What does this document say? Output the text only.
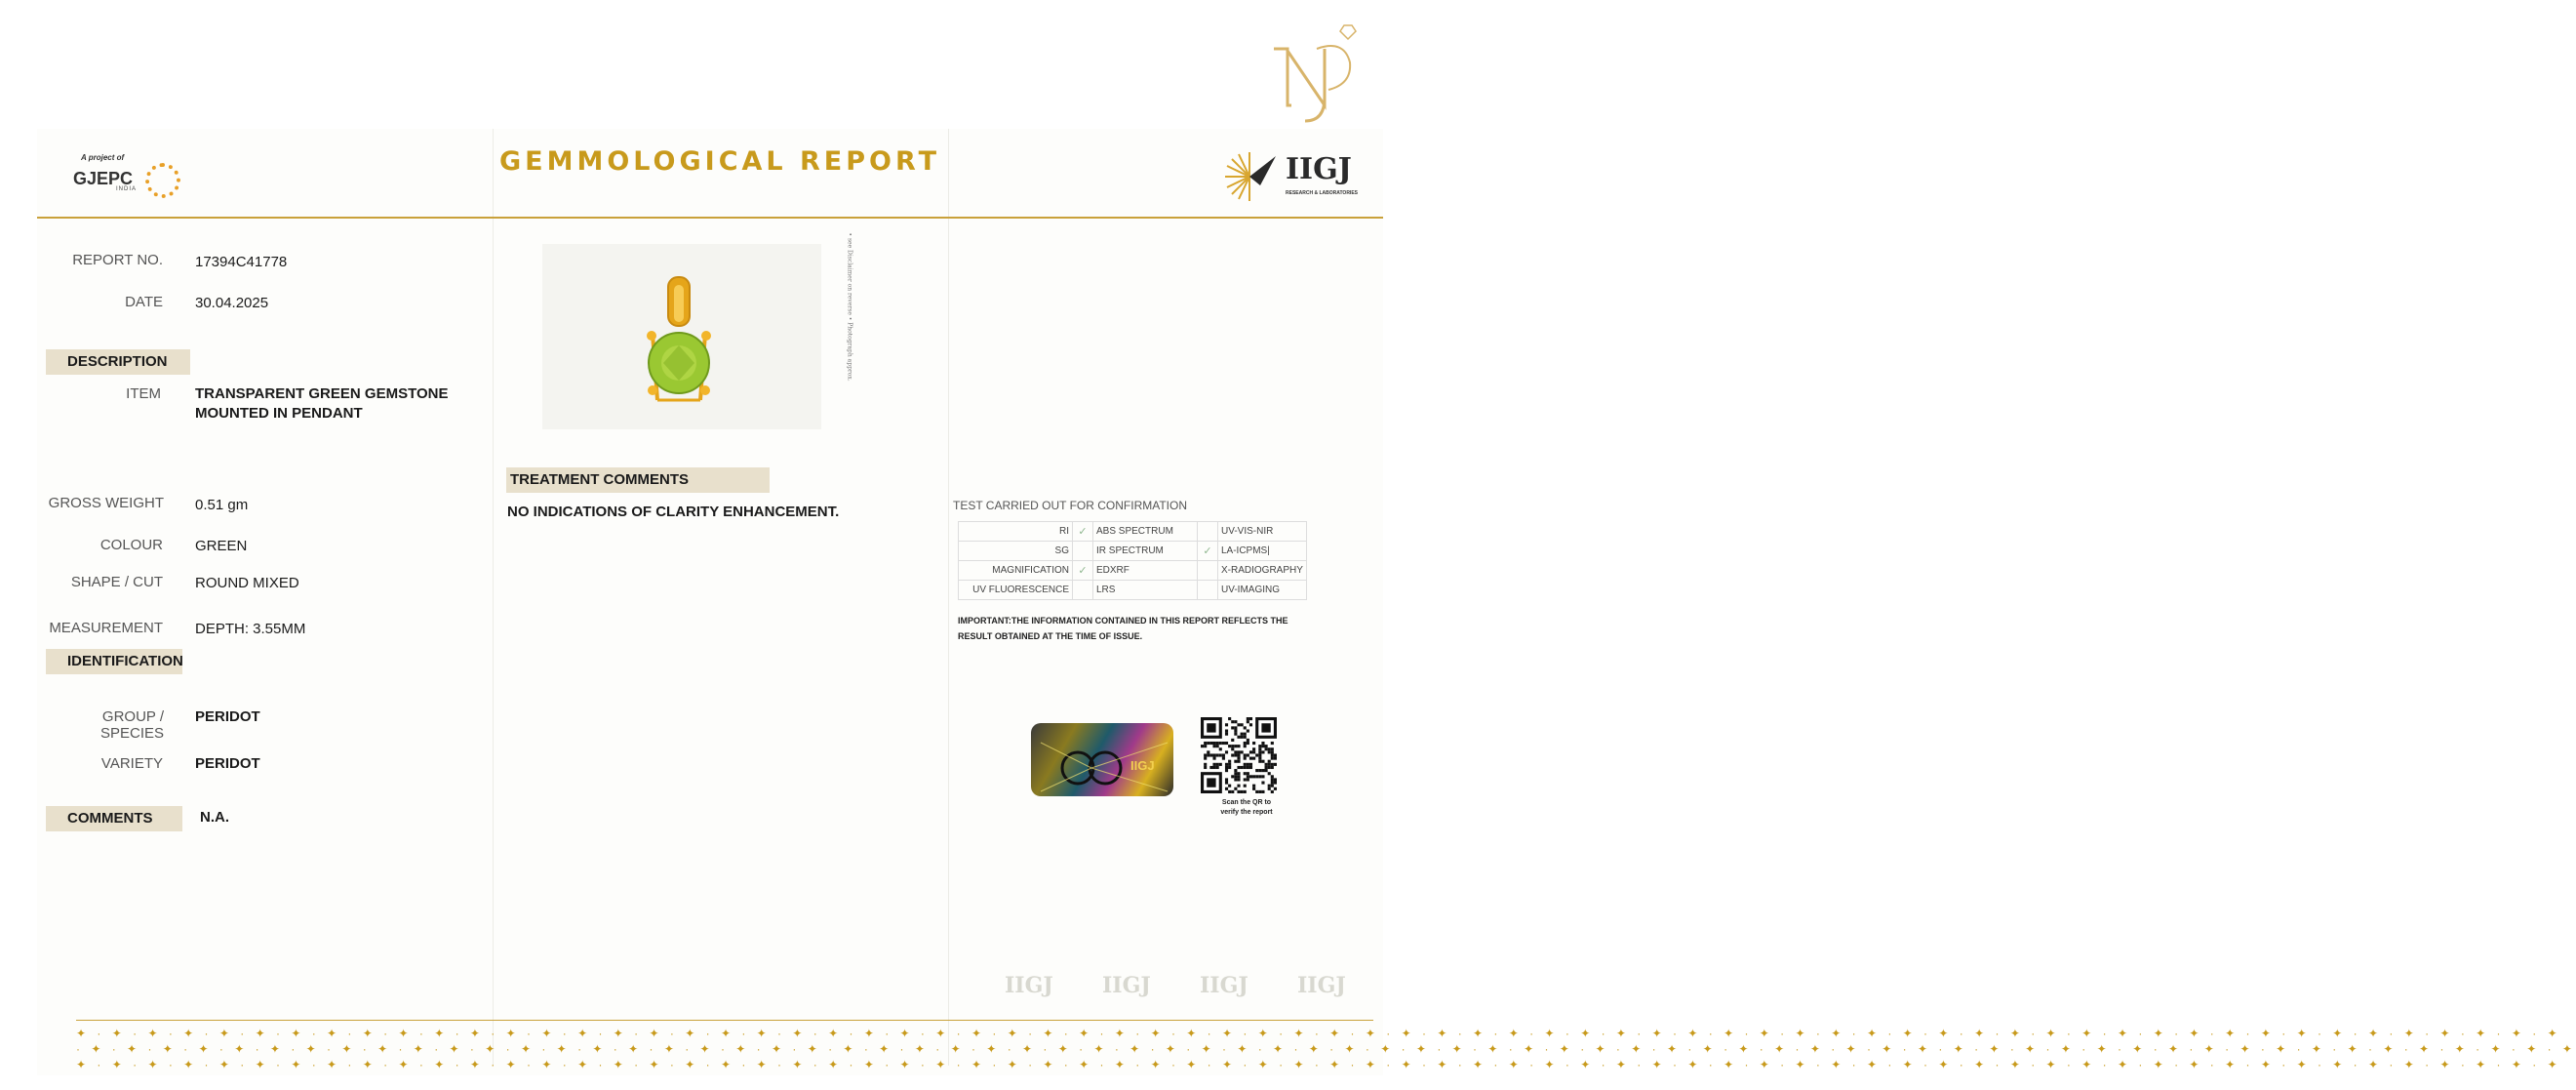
A project of
GJEPC
INDIA
GEMMOLOGICAL REPORT	IIGJ
RESEARCH & LABORATORIES
REPORT NO. 17394C41778
DATE 30.04.2025
DESCRIPTION
ITEM TRANSPARENT GREEN GEMSTONE
MOUNTED IN PENDANT
GROSS WEIGHT 0.51 gm
COLOUR GREEN
SHAPE / CUT ROUND MIXED
MEASUREMENT DEPTH: 3.55MM
IDENTIFICATION
GROUP / SPECIES
PERIDOT
VARIETY PERIDOT
COMMENTS	N.A.
• see Disclaimer on reverse • Photograph approx.
TREATMENT COMMENTS
NO INDICATIONS OF CLARITY ENHANCEMENT.	TEST CARRIED OUT FOR CONFIRMATION
RI	✓	ABS SPECTRUM		UV-VIS-NIR
SG		IR SPECTRUM	✓	LA-ICPMS|
MAGNIFICATION	✓	EDXRF		X-RADIOGRAPHY
UV FLUORESCENCE		LRS		UV-IMAGING
IMPORTANT:THE INFORMATION CONTAINED IN THIS REPORT REFLECTS THE
RESULT OBTAINED AT THE TIME OF ISSUE.
IIGJ
Scan the QR to
verify the report
IIGJ IIGJ IIGJ IIGJ
✦ · ✦ · ✦ · ✦ · ✦ · ✦ · ✦ · ✦ · ✦ · ✦ · ✦ · ✦ · ✦ · ✦ · ✦ · ✦ · ✦ · ✦ · ✦ · ✦ · ✦ · ✦ · ✦ · ✦ · ✦ · ✦ · ✦ · ✦ · ✦ · ✦ · ✦ · ✦ · ✦ · ✦ · ✦ · ✦ · ✦ · ✦ · ✦ · ✦ · ✦ · ✦ · ✦ · ✦ · ✦ · ✦ · ✦ · ✦ · ✦ · ✦ · ✦ · ✦ · ✦ · ✦ · ✦ · ✦ · ✦ · ✦ · ✦ · ✦ · ✦ · ✦ · ✦ · ✦ · ✦ · ✦ · ✦ · ✦ · ✦ · ✦
· ✦ · ✦ · ✦ · ✦ · ✦ · ✦ · ✦ · ✦ · ✦ · ✦ · ✦ · ✦ · ✦ · ✦ · ✦ · ✦ · ✦ · ✦ · ✦ · ✦ · ✦ · ✦ · ✦ · ✦ · ✦ · ✦ · ✦ · ✦ · ✦ · ✦ · ✦ · ✦ · ✦ · ✦ · ✦ · ✦ · ✦ · ✦ · ✦ · ✦ · ✦ · ✦ · ✦ · ✦ · ✦ · ✦ · ✦ · ✦ · ✦ · ✦ · ✦ · ✦ · ✦ · ✦ · ✦ · ✦ · ✦ · ✦ · ✦ · ✦ · ✦ · ✦ · ✦ · ✦ · ✦ · ✦ · ✦ · ✦ · ✦ · ✦
✦ · ✦ · ✦ · ✦ · ✦ · ✦ · ✦ · ✦ · ✦ · ✦ · ✦ · ✦ · ✦ · ✦ · ✦ · ✦ · ✦ · ✦ · ✦ · ✦ · ✦ · ✦ · ✦ · ✦ · ✦ · ✦ · ✦ · ✦ · ✦ · ✦ · ✦ · ✦ · ✦ · ✦ · ✦ · ✦ · ✦ · ✦ · ✦ · ✦ · ✦ · ✦ · ✦ · ✦ · ✦ · ✦ · ✦ · ✦ · ✦ · ✦ · ✦ · ✦ · ✦ · ✦ · ✦ · ✦ · ✦ · ✦ · ✦ · ✦ · ✦ · ✦ · ✦ · ✦ · ✦ · ✦ · ✦ · ✦ · ✦ · ✦
